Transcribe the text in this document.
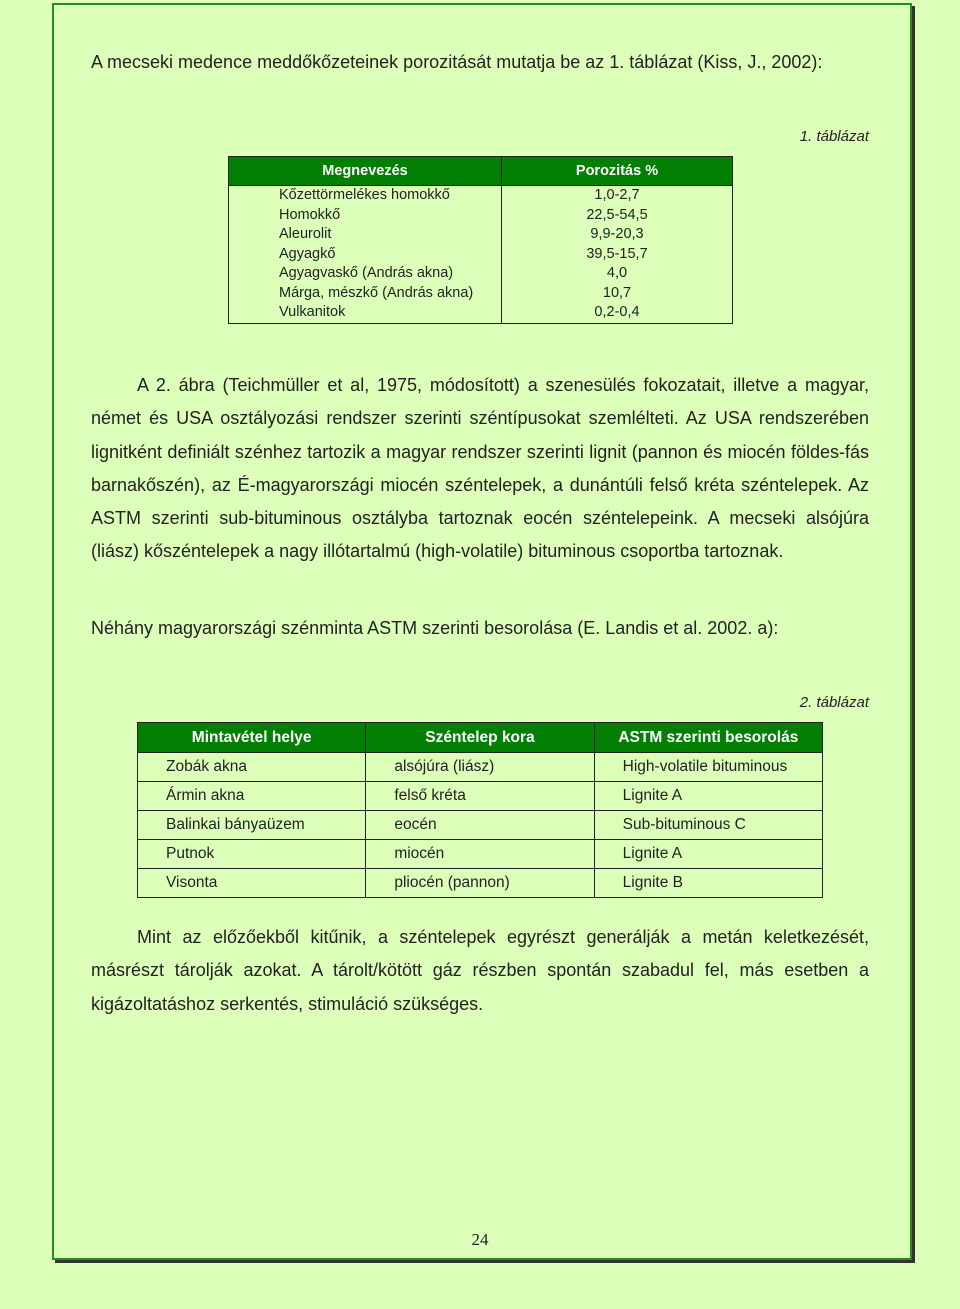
A mecseki medence meddőkőzeteinek porozitását mutatja be az 1. táblázat (Kiss, J., 2002):

1. táblázat
Megnevezés	Porozitás %
Kőzettörmelékes homokkő	1,0-2,7
Homokkő	22,5-54,5
Aleurolit	9,9-20,3
Agyagkő	39,5-15,7
Agyagvaskő (András akna)	4,0
Márga, mészkő (András akna)	10,7
Vulkanitok	0,2-0,4

A 2. ábra (Teichmüller et al, 1975, módosított) a szenesülés fokozatait, illetve a magyar, német és USA osztályozási rendszer szerinti széntípusokat szemlélteti. Az USA rendszerében lignitként definiált szénhez tartozik a magyar rendszer szerinti lignit (pannon és miocén földes-fás barnakőszén), az É-magyarországi miocén széntelepek, a dunántúli felső kréta széntelepek. Az ASTM szerinti sub-bituminous osztályba tartoznak eocén széntelepeink. A mecseki alsójúra (liász) kőszéntelepek a nagy illótartalmú (high-volatile) bituminous csoportba tartoznak.

Néhány magyarországi szénminta ASTM szerinti besorolása (E. Landis et al. 2002. a):

2. táblázat
Mintavétel helye	Széntelep kora	ASTM szerinti besorolás
Zobák akna	alsójúra (liász)	High-volatile bituminous
Ármin akna	felső kréta	Lignite A
Balinkai bányaüzem	eocén	Sub-bituminous C
Putnok	miocén	Lignite A
Visonta	pliocén (pannon)	Lignite B

Mint az előzőekből kitűnik, a széntelepek egyrészt generálják a metán keletkezését, másrészt tárolják azokat. A tárolt/kötött gáz részben spontán szabadul fel, más esetben a kigázoltatáshoz serkentés, stimuláció szükséges.

24
